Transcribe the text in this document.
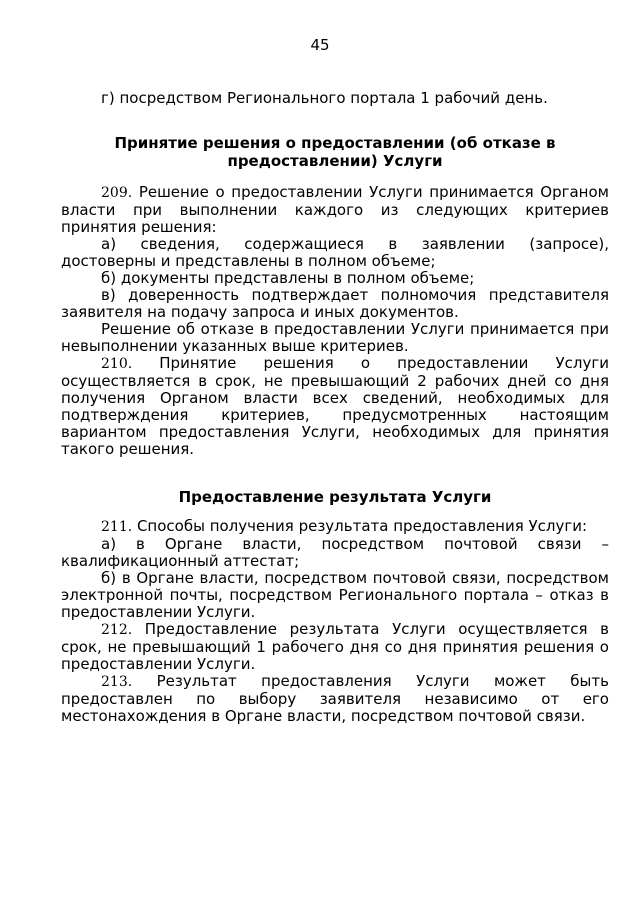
45

г) посредством Регионального портала 1 рабочий день.

Принятие решения о предоставлении (об отказе в
предоставлении) Услуги

209. Решение о предоставлении Услуги принимается Органом власти при выполнении каждого из следующих критериев принятия решения:

а) сведения, содержащиеся в заявлении (запросе), достоверны и представлены в полном объеме;

б) документы представлены в полном объеме;

в) доверенность подтверждает полномочия представителя заявителя на подачу запроса и иных документов.

Решение об отказе в предоставлении Услуги принимается при невыполнении указанных выше критериев.

210. Принятие решения о предоставлении Услуги осуществляется в срок, не превышающий 2 рабочих дней со дня получения Органом власти всех сведений, необходимых для подтверждения критериев, предусмотренных настоящим вариантом предоставления Услуги, необходимых для принятия такого решения.

Предоставление результата Услуги

211. Способы получения результата предоставления Услуги:

а) в Органе власти, посредством почтовой связи – квалификационный аттестат;

б) в Органе власти, посредством почтовой связи, посредством электронной почты, посредством Регионального портала – отказ в предоставлении Услуги.

212. Предоставление результата Услуги осуществляется в срок, не превышающий 1 рабочего дня со дня принятия решения о предоставлении Услуги.

213. Результат предоставления Услуги может быть предоставлен по выбору заявителя независимо от его местонахождения в Органе власти, посредством почтовой связи.
